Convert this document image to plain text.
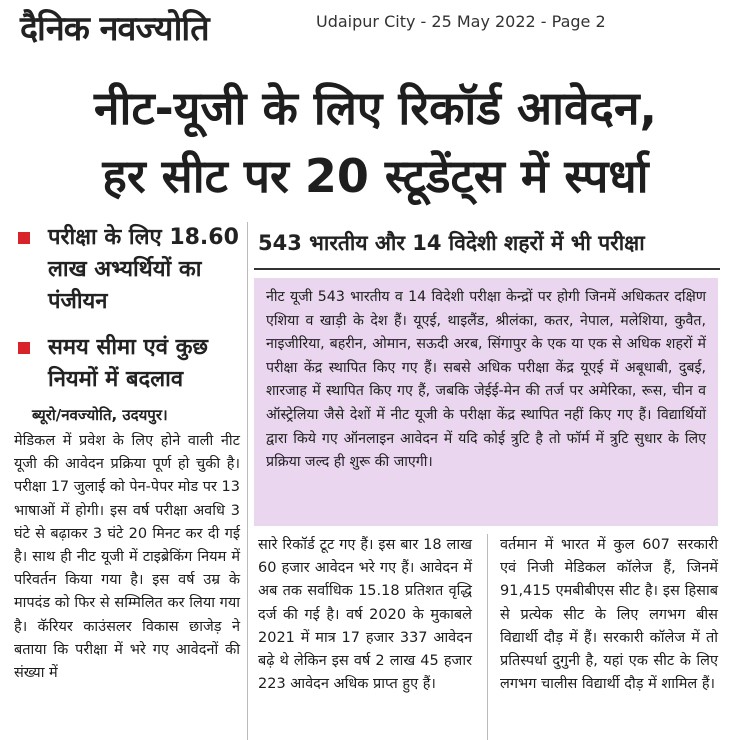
दैनिक नवज्योति	Udaipur City - 25 May 2022 - Page 2
नीट-यूजी के लिए रिकॉर्ड आवेदन,
हर सीट पर 20 स्टूडेंट्स में स्पर्धा
परीक्षा के लिए 18.60 लाख अभ्यर्थियों का पंजीयन
समय सीमा एवं कुछ नियमों में बदलाव
543 भारतीय और 14 विदेशी शहरों में भी परीक्षा
नीट यूजी 543 भारतीय व 14 विदेशी परीक्षा केन्द्रों पर होगी जिनमें अधिकतर दक्षिण एशिया व खाड़ी के देश हैं। यूएई, थाइलैंड, श्रीलंका, कतर, नेपाल, मलेशिया, कुवैत, नाइजीरिया, बहरीन, ओमान, सऊदी अरब, सिंगापुर के एक या एक से अधिक शहरों में परीक्षा केंद्र स्थापित किए गए हैं। सबसे अधिक परीक्षा केंद्र यूएई में अबूधाबी, दुबई, शारजाह में स्थापित किए गए हैं, जबकि जेईई-मेन की तर्ज पर अमेरिका, रूस, चीन व ऑस्ट्रेलिया जैसे देशों में नीट यूजी के परीक्षा केंद्र स्थापित नहीं किए गए हैं। विद्यार्थियों द्वारा किये गए ऑनलाइन आवेदन में यदि कोई त्रुटि है तो फॉर्म में त्रुटि सुधार के लिए प्रक्रिया जल्द ही शुरू की जाएगी।
ब्यूरो/नवज्योति, उदयपुर।
मेडिकल में प्रवेश के लिए होने वाली नीट यूजी की आवेदन प्रक्रिया पूर्ण हो चुकी है। परीक्षा 17 जुलाई को पेन-पेपर मोड पर 13 भाषाओं में होगी। इस वर्ष परीक्षा अवधि 3 घंटे से बढ़ाकर 3 घंटे 20 मिनट कर दी गई है। साथ ही नीट यूजी में टाइब्रेकिंग नियम में परिवर्तन किया गया है। इस वर्ष उम्र के मापदंड को फिर से सम्मिलित कर लिया गया है। कॅरियर काउंसलर विकास छाजेड़ ने बताया कि परीक्षा में भरे गए आवेदनों की संख्या में
सारे रिकॉर्ड टूट गए हैं। इस बार 18 लाख 60 हजार आवेदन भरे गए हैं। आवेदन में अब तक सर्वाधिक 15.18 प्रतिशत वृद्धि दर्ज की गई है। वर्ष 2020 के मुकाबले 2021 में मात्र 17 हजार 337 आवेदन बढ़े थे लेकिन इस वर्ष 2 लाख 45 हजार 223 आवेदन अधिक प्राप्त हुए हैं।
वर्तमान में भारत में कुल 607 सरकारी एवं निजी मेडिकल कॉलेज हैं, जिनमें 91,415 एमबीबीएस सीट है। इस हिसाब से प्रत्येक सीट के लिए लगभग बीस विद्यार्थी दौड़ में हैं। सरकारी कॉलेज में तो प्रतिस्पर्धा दुगुनी है, यहां एक सीट के लिए लगभग चालीस विद्यार्थी दौड़ में शामिल हैं।
